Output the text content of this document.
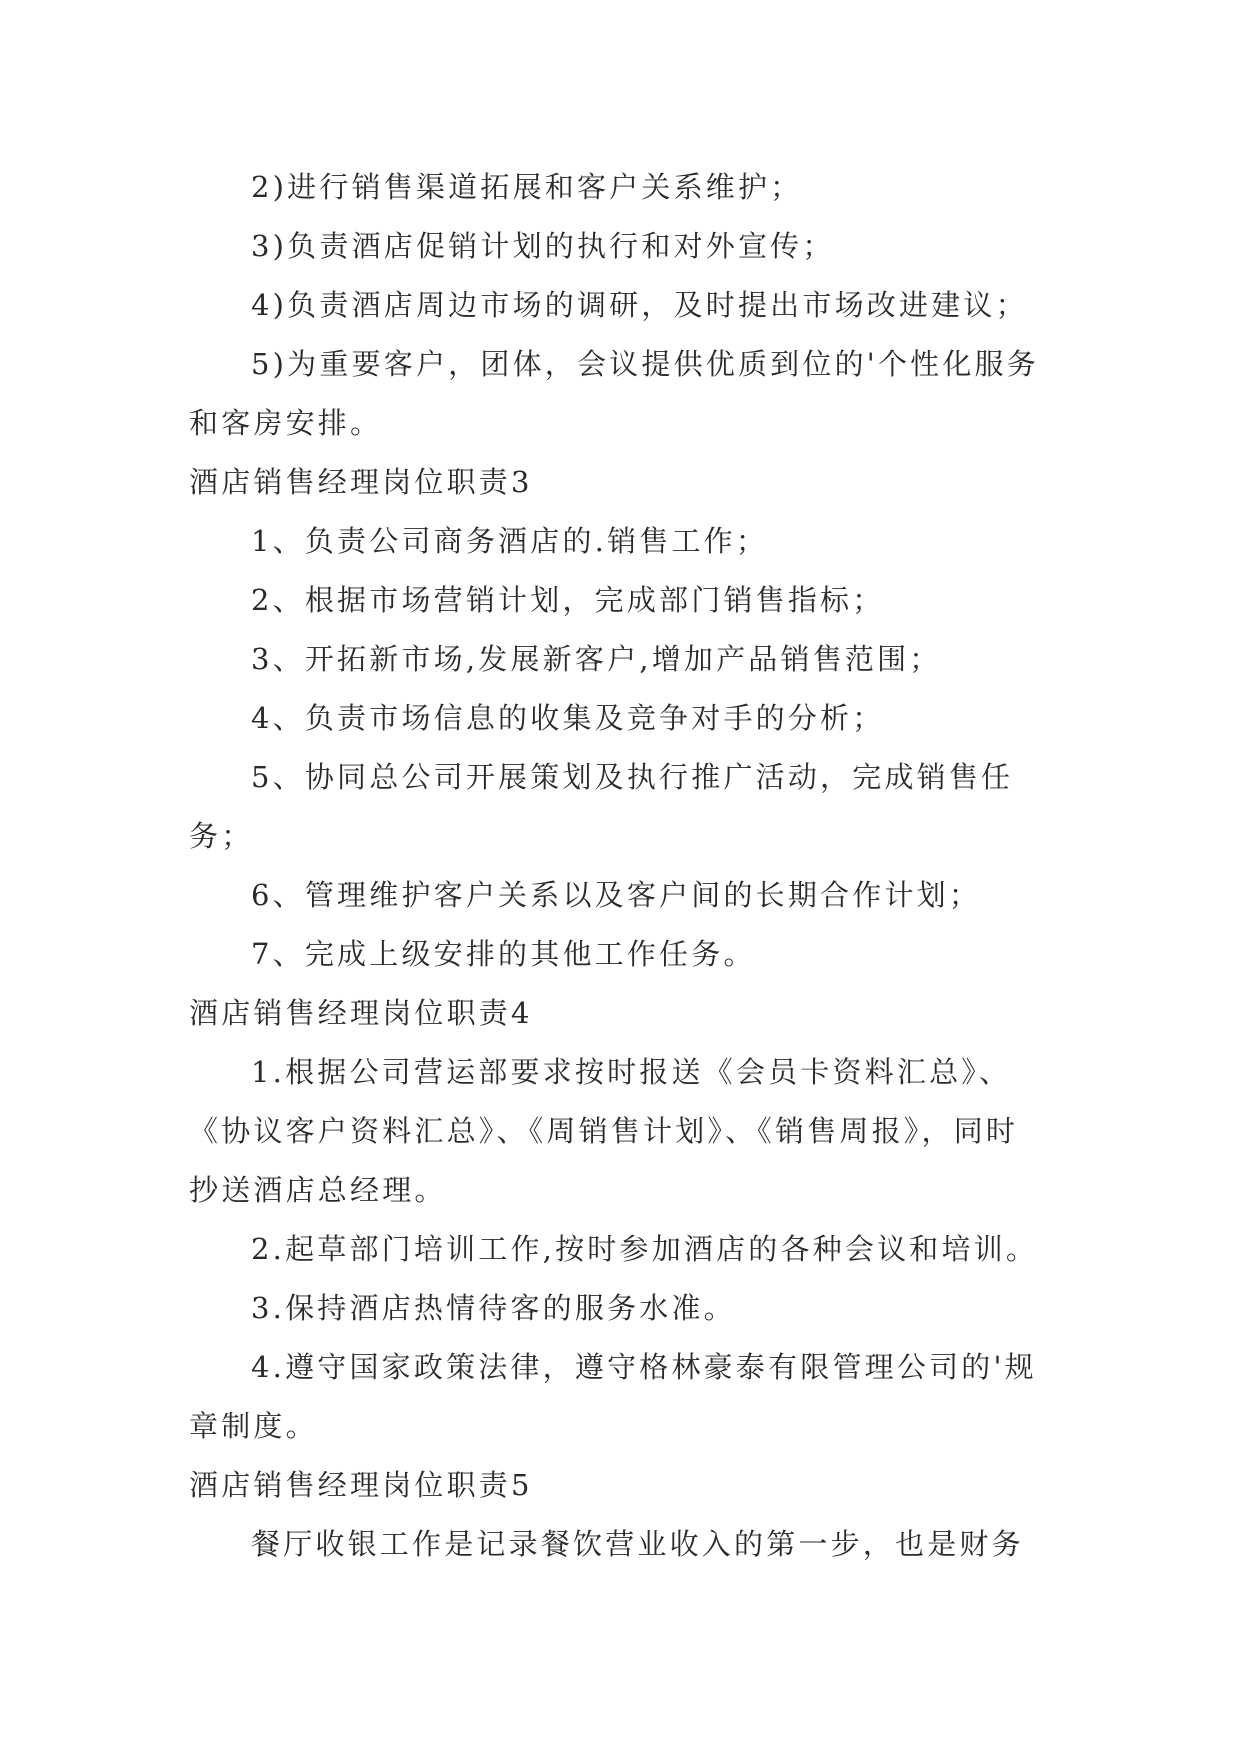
2)进行销售渠道拓展和客户关系维护；

3)负责酒店促销计划的执行和对外宣传；

4)负责酒店周边市场的调研，及时提出市场改进建议；

5)为重要客户，团体，会议提供优质到位的'个性化服务和客房安排。

酒店销售经理岗位职责3

1、负责公司商务酒店的.销售工作；

2、根据市场营销计划，完成部门销售指标；

3、开拓新市场,发展新客户,增加产品销售范围；

4、负责市场信息的收集及竞争对手的分析；

5、协同总公司开展策划及执行推广活动，完成销售任务；

6、管理维护客户关系以及客户间的长期合作计划；

7、完成上级安排的其他工作任务。

酒店销售经理岗位职责4

1.根据公司营运部要求按时报送《会员卡资料汇总》、《协议客户资料汇总》、《周销售计划》、《销售周报》，同时抄送酒店总经理。

2.起草部门培训工作,按时参加酒店的各种会议和培训。

3.保持酒店热情待客的服务水准。

4.遵守国家政策法律，遵守格林豪泰有限管理公司的'规章制度。

酒店销售经理岗位职责5

餐厅收银工作是记录餐饮营业收入的第一步，也是财务
